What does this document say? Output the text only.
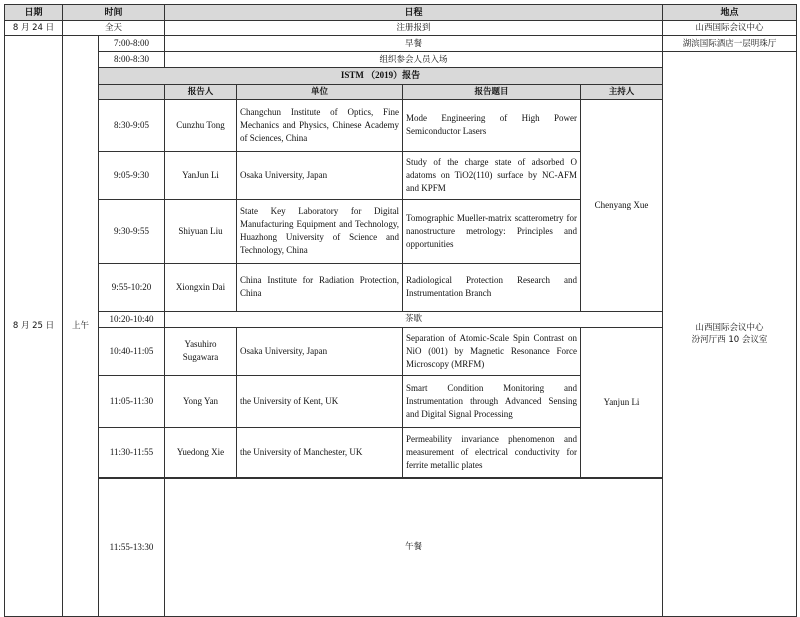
日期	时间		日程				地点	
8 月 24 日	全天		注册报到				山西国际会议中心	
8 月 25 日	上午	7:00-8:00	早餐				湖滨国际酒店一层明珠厅	
		8:00-8:30	组织参会人员入场				山西国际会议中心
汾河厅西 10 会议室	
		ISTM （2019）报告						
			报告人	单位	报告题目	主持人		
		8:30-9:05	Cunzhu Tong	Changchun Institute of Optics, Fine Mechanics and Physics, Chinese Academy of Sciences, China	Mode Engineering of High Power Semiconductor Lasers	Chenyang Xue		
		9:05-9:30	YanJun Li	Osaka University, Japan	Study of the charge state of adsorbed O adatoms on TiO2(110) surface by NC-AFM and KPFM			
		9:30-9:55	Shiyuan Liu	State Key Laboratory for Digital Manufacturing Equipment and Technology, Huazhong University of Science and Technology, China	Tomographic Mueller-matrix scatterometry for nanostructure metrology: Principles and opportunities			
		9:55-10:20	Xiongxin Dai	China Institute for Radiation Protection, China	Radiological Protection Research and Instrumentation Branch			
		10:20-10:40	茶歇					
		10:40-11:05	Yasuhiro Sugawara	Osaka University, Japan	Separation of Atomic-Scale Spin Contrast on NiO (001) by Magnetic Resonance Force Microscopy (MRFM)	Yanjun Li		
		11:05-11:30	Yong Yan	the University of Kent, UK	Smart Condition Monitoring and Instrumentation through Advanced Sensing and Digital Signal Processing			
		11:30-11:55	Yuedong Xie	the University of Manchester, UK	Permeability invariance phenomenon and measurement of electrical conductivity for ferrite metallic plates			

		11:55-13:30	午餐	
